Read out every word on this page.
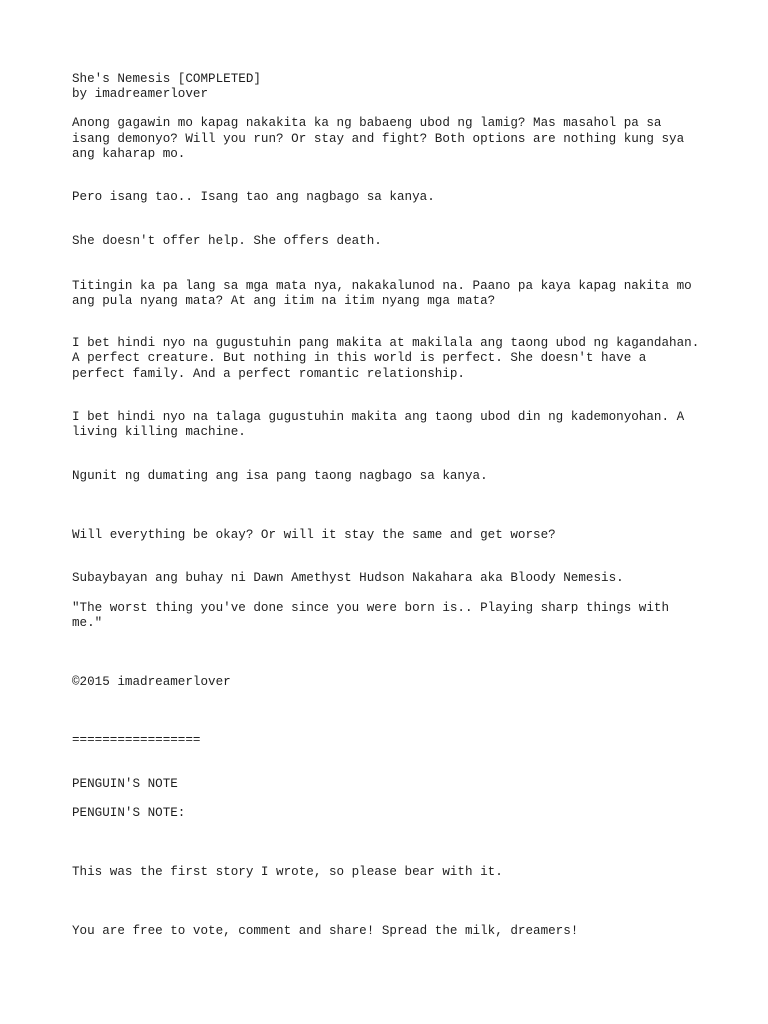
She's Nemesis [COMPLETED]

by imadreamerlover

Anong gagawin mo kapag nakakita ka ng babaeng ubod ng lamig? Mas masahol pa sa

isang demonyo? Will you run? Or stay and fight? Both options are nothing kung sya

ang kaharap mo.

Pero isang tao.. Isang tao ang nagbago sa kanya.

She doesn't offer help. She offers death.

Titingin ka pa lang sa mga mata nya, nakakalunod na. Paano pa kaya kapag nakita mo

ang pula nyang mata? At ang itim na itim nyang mga mata?

I bet hindi nyo na gugustuhin pang makita at makilala ang taong ubod ng kagandahan.

A perfect creature. But nothing in this world is perfect. She doesn't have a

perfect family. And a perfect romantic relationship.

I bet hindi nyo na talaga gugustuhin makita ang taong ubod din ng kademonyohan. A

living killing machine.

Ngunit ng dumating ang isa pang taong nagbago sa kanya.

Will everything be okay? Or will it stay the same and get worse?

Subaybayan ang buhay ni Dawn Amethyst Hudson Nakahara aka Bloody Nemesis.

"The worst thing you've done since you were born is.. Playing sharp things with

me."

©2015 imadreamerlover

=================

PENGUIN'S NOTE

PENGUIN'S NOTE:

This was the first story I wrote, so please bear with it.

You are free to vote, comment and share! Spread the milk, dreamers!
